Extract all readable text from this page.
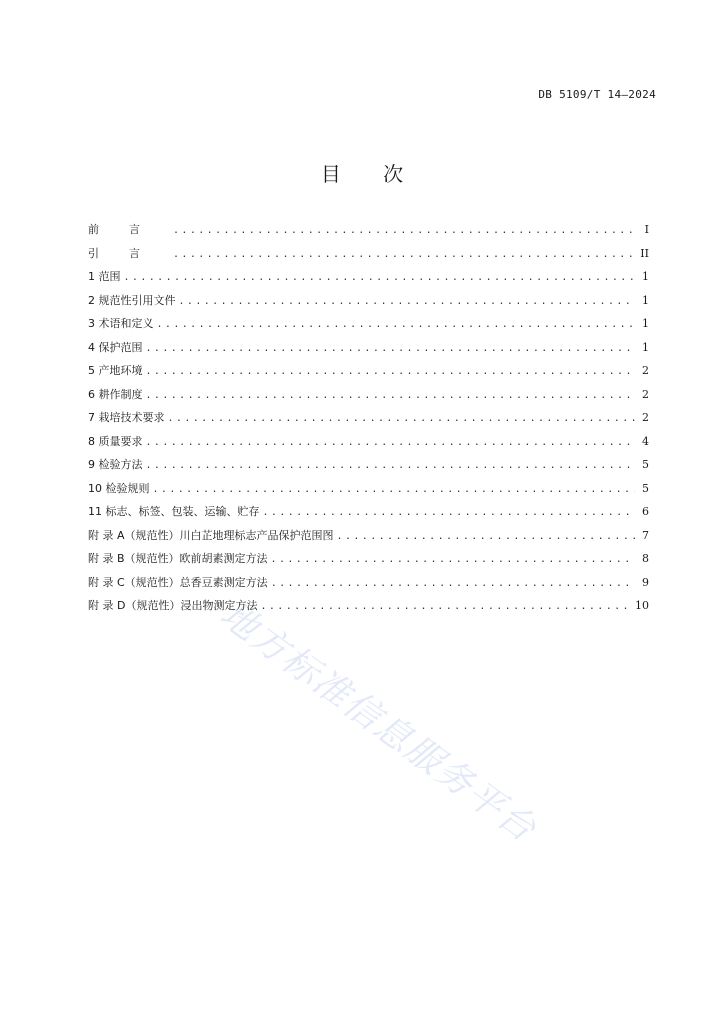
DB 5109/T 14—2024
目 次
前言 .....	I
引言 .....	II
1 范围 .....	1
2 规范性引用文件 .....	1
3 术语和定义 .....	1
4 保护范围 .....	1
5 产地环境 .....	2
6 耕作制度 .....	2
7 栽培技术要求 .....	2
8 质量要求 .....	4
9 检验方法 .....	5
10 检验规则 .....	5
11 标志、标签、包装、运输、贮存 .....	6
附 录 A（规范性）川白芷地理标志产品保护范围图 .....	7
附 录 B（规范性）欧前胡素测定方法 .....	8
附 录 C（规范性）总香豆素测定方法 .....	9
附 录 D（规范性）浸出物测定方法 .....	10
地方标准信息服务平台
